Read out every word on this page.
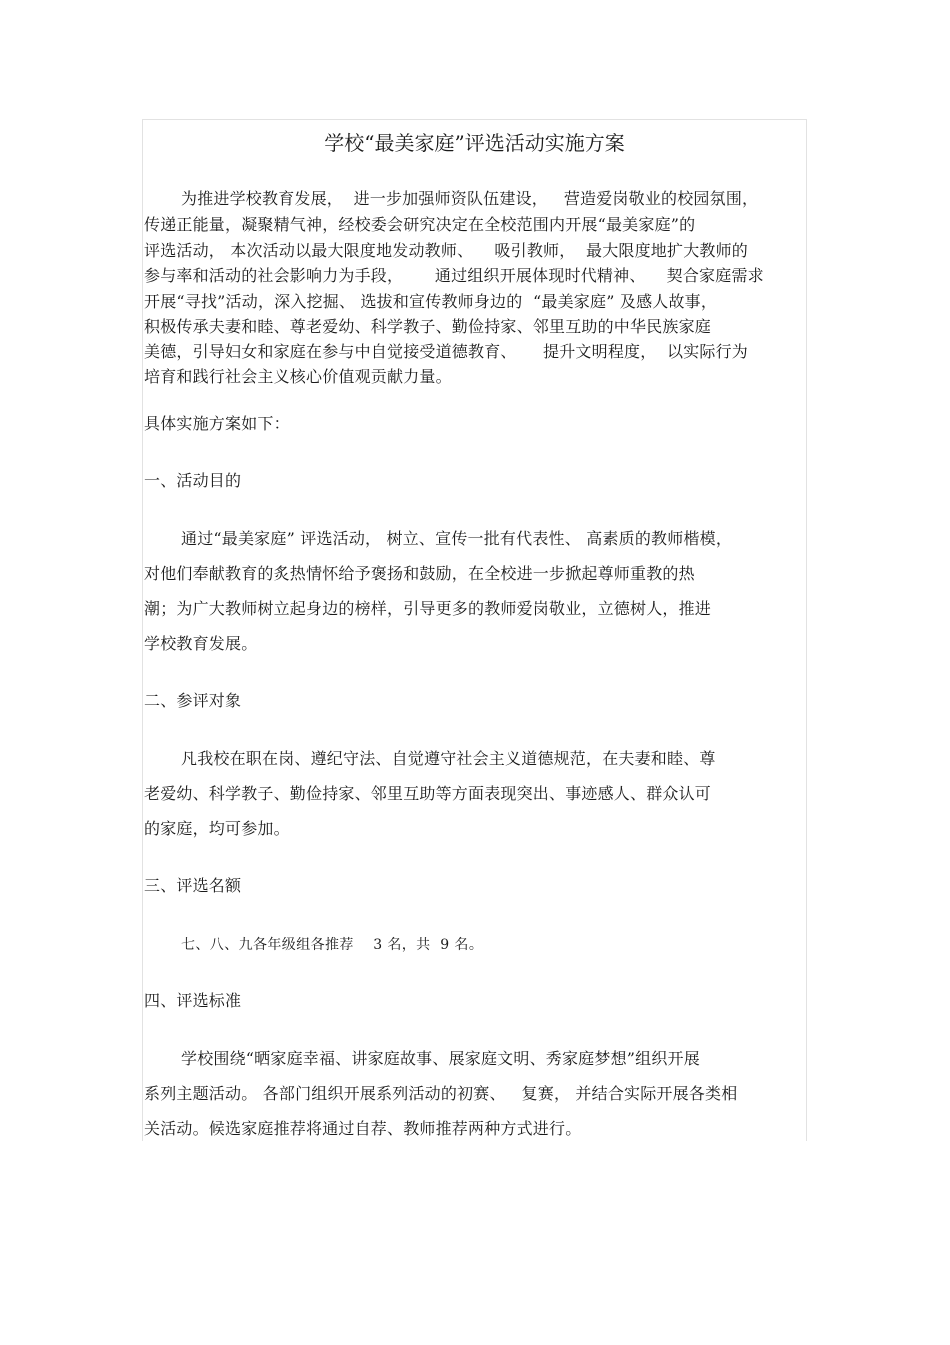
学校“最美家庭”评选活动实施方案
为推进学校教育发展，  进一步加强师资队伍建设，   营造爱岗敬业的校园氛围，
传递正能量，凝聚精气神，经校委会研究决定在全校范围内开展“最美家庭”的
评选活动， 本次活动以最大限度地发动教师、    吸引教师，  最大限度地扩大教师的
参与率和活动的社会影响力为手段，      通过组织开展体现时代精神、    契合家庭需求
开展“寻找”活动，深入挖掘、 选拔和宣传教师身边的  “最美家庭” 及感人故事，
积极传承夫妻和睦、尊老爱幼、科学教子、勤俭持家、邻里互助的中华民族家庭
美德，引导妇女和家庭在参与中自觉接受道德教育、     提升文明程度，  以实际行为
培育和践行社会主义核心价值观贡献力量。
具体实施方案如下：
一、活动目的
通过“最美家庭” 评选活动， 树立、宣传一批有代表性、 高素质的教师楷模，
对他们奉献教育的炙热情怀给予褒扬和鼓励，在全校进一步掀起尊师重教的热
潮；为广大教师树立起身边的榜样，引导更多的教师爱岗敬业，立德树人，推进
学校教育发展。
二、参评对象
凡我校在职在岗、遵纪守法、自觉遵守社会主义道德规范，在夫妻和睦、尊
老爱幼、科学教子、勤俭持家、邻里互助等方面表现突出、事迹感人、群众认可
的家庭，均可参加。
三、评选名额
七、八、九各年级组各推荐    3 名，共  9 名。
四、评选标准
学校围绕“晒家庭幸福、讲家庭故事、展家庭文明、秀家庭梦想”组织开展
系列主题活动。 各部门组织开展系列活动的初赛、   复赛， 并结合实际开展各类相
关活动。候选家庭推荐将通过自荐、教师推荐两种方式进行。
